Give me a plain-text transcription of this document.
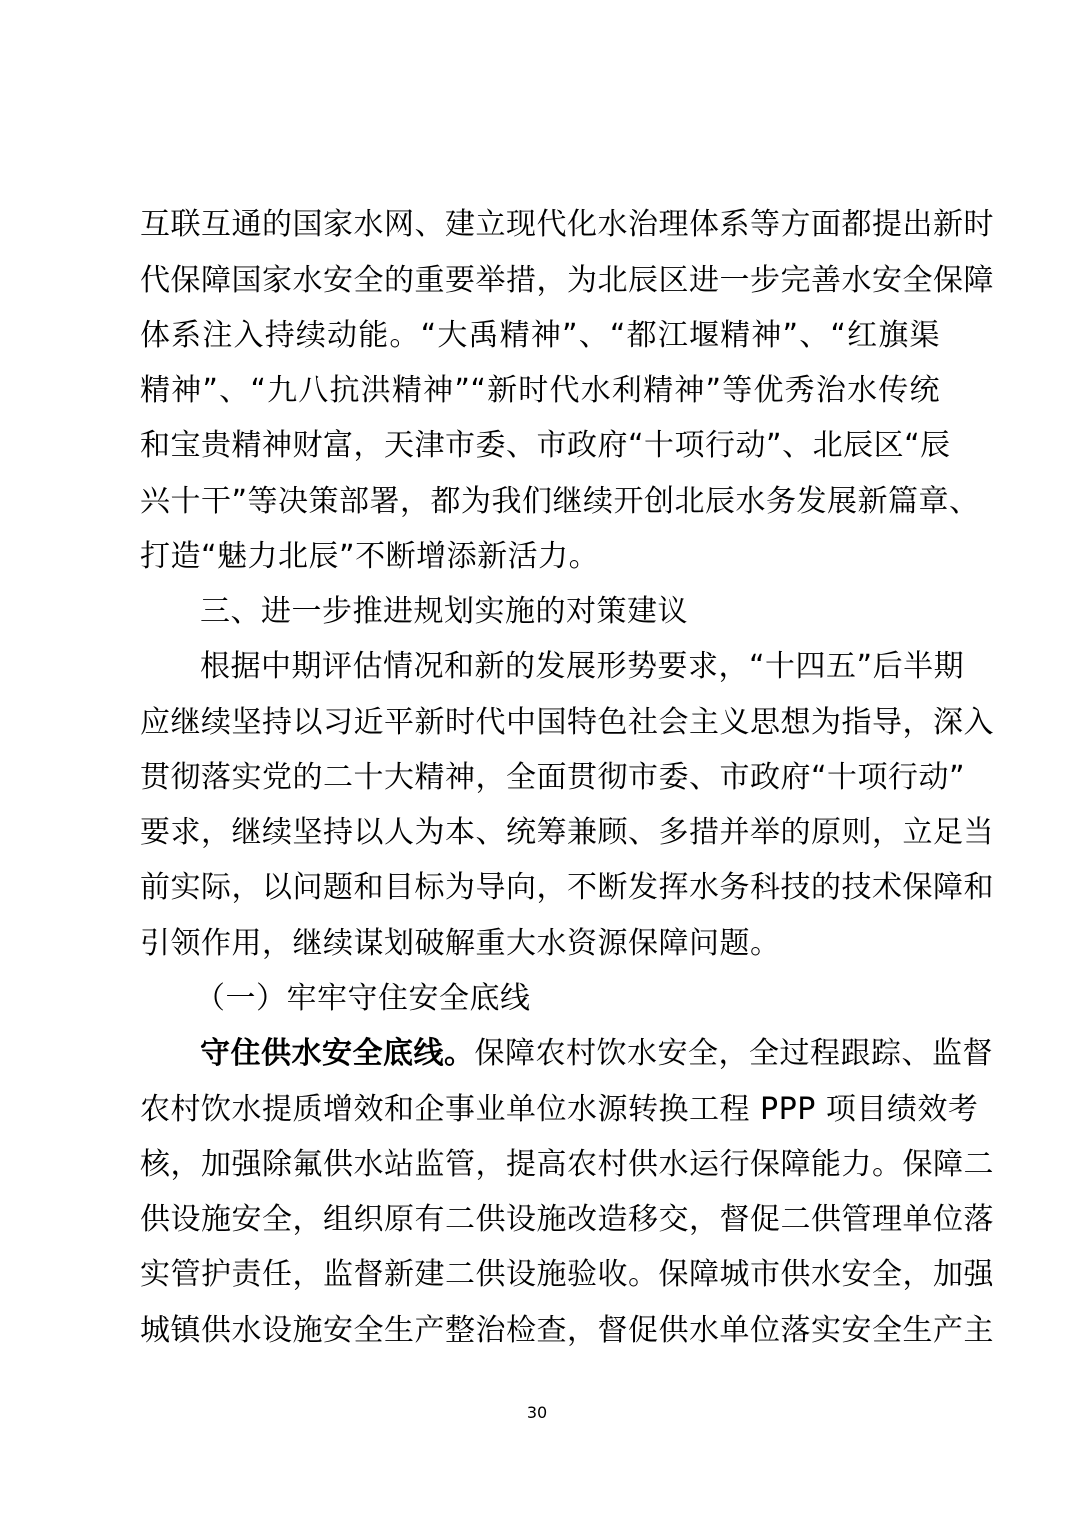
互联互通的国家水网、建立现代化水治理体系等方面都提出新时
代保障国家水安全的重要举措，为北辰区进一步完善水安全保障
体系注入持续动能。“大禹精神”、“都江堰精神”、“红旗渠
精神”、“九八抗洪精神”“新时代水利精神”等优秀治水传统
和宝贵精神财富，天津市委、市政府“十项行动”、北辰区“辰
兴十干”等决策部署，都为我们继续开创北辰水务发展新篇章、
打造“魅力北辰”不断增添新活力。
三、进一步推进规划实施的对策建议
根据中期评估情况和新的发展形势要求，“十四五”后半期
应继续坚持以习近平新时代中国特色社会主义思想为指导，深入
贯彻落实党的二十大精神，全面贯彻市委、市政府“十项行动”
要求，继续坚持以人为本、统筹兼顾、多措并举的原则，立足当
前实际，以问题和目标为导向，不断发挥水务科技的技术保障和
引领作用，继续谋划破解重大水资源保障问题。
（一）牢牢守住安全底线
守住供水安全底线。保障农村饮水安全，全过程跟踪、监督
农村饮水提质增效和企事业单位水源转换工程 PPP 项目绩效考
核，加强除氟供水站监管，提高农村供水运行保障能力。保障二
供设施安全，组织原有二供设施改造移交，督促二供管理单位落
实管护责任，监督新建二供设施验收。保障城市供水安全，加强
城镇供水设施安全生产整治检查，督促供水单位落实安全生产主
30
